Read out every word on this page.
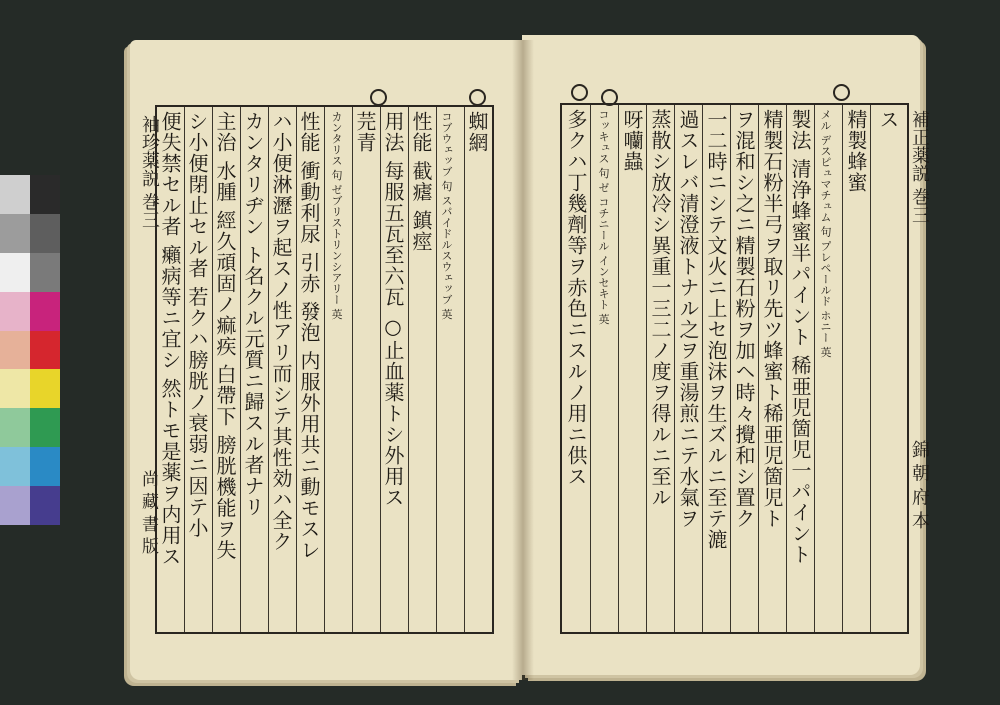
袖珍薬説 巻三
尚 藏 書 版
補正薬説 巻三
錦 朝 府 本
蜘網
コブウェッブ 句 スパイドルスウェッブ 英
性能 截瘧 鎮痙
用法 每服五瓦至六瓦 ○止血薬トシ外用ス
芫青
カンタリス 句 ゼブリストリンシアリー 英
性能 衝動利尿 引赤 發泡 内服外用共ニ動モスレ
ハ小便淋瀝ヲ起スノ性アリ而シテ其性効ハ全ク
カンタリヂン ト名クル元質ニ歸スル者ナリ
主治 水腫 經久頑固ノ痲疾 白帶下 膀胱機能ヲ失
シ小便閉止セル者 若クハ膀胱ノ衰弱ニ因テ小
便失禁セル者 癩病等ニ宜シ 然トモ是薬ヲ内用ス	ス
精製蜂蜜
メル デスピュマチュム 句 プレペールド ホニー 英
製法 清浄蜂蜜半パイント 稀亜児箇児一パイント
精製石粉半弓ヲ取リ先ツ蜂蜜ト稀亜児箇児ト
ヲ混和シ之ニ精製石粉ヲ加ヘ時々攪和シ置ク
一二時ニシテ文火ニ上セ泡沫ヲ生ズルニ至テ漉
過スレバ清澄液トナル之ヲ重湯煎ニテ水氣ヲ
蒸散シ放冷シ異重一三二ノ度ヲ得ルニ至ル
呀囒蟲
コッキュス 句 ゼ コチニール インセキト 英
多クハ丁幾劑等ヲ赤色ニスルノ用ニ供ス
